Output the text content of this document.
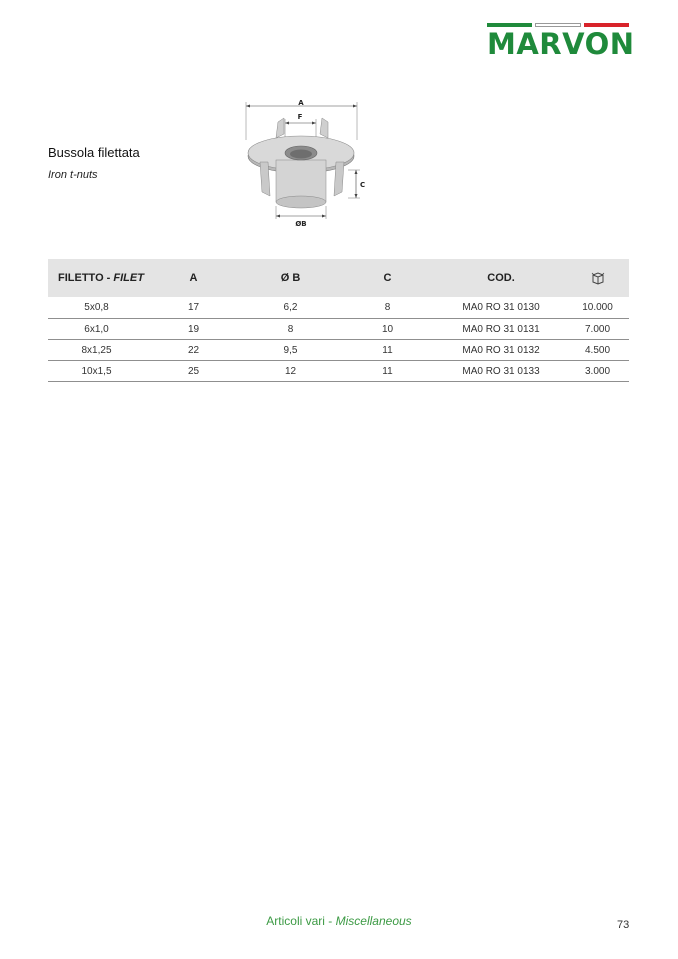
MARVON
Bussola filettata
Iron t-nuts
A
F
C
ØB
FILETTO - FILET	A	Ø B	C	COD.
5x0,8	17	6,2	8	MA0 RO 31 0130	10.000
6x1,0	19	8	10	MA0 RO 31 0131	7.000
8x1,25	22	9,5	11	MA0 RO 31 0132	4.500
10x1,5	25	12	11	MA0 RO 31 0133	3.000
Articoli vari - Miscellaneous	73
